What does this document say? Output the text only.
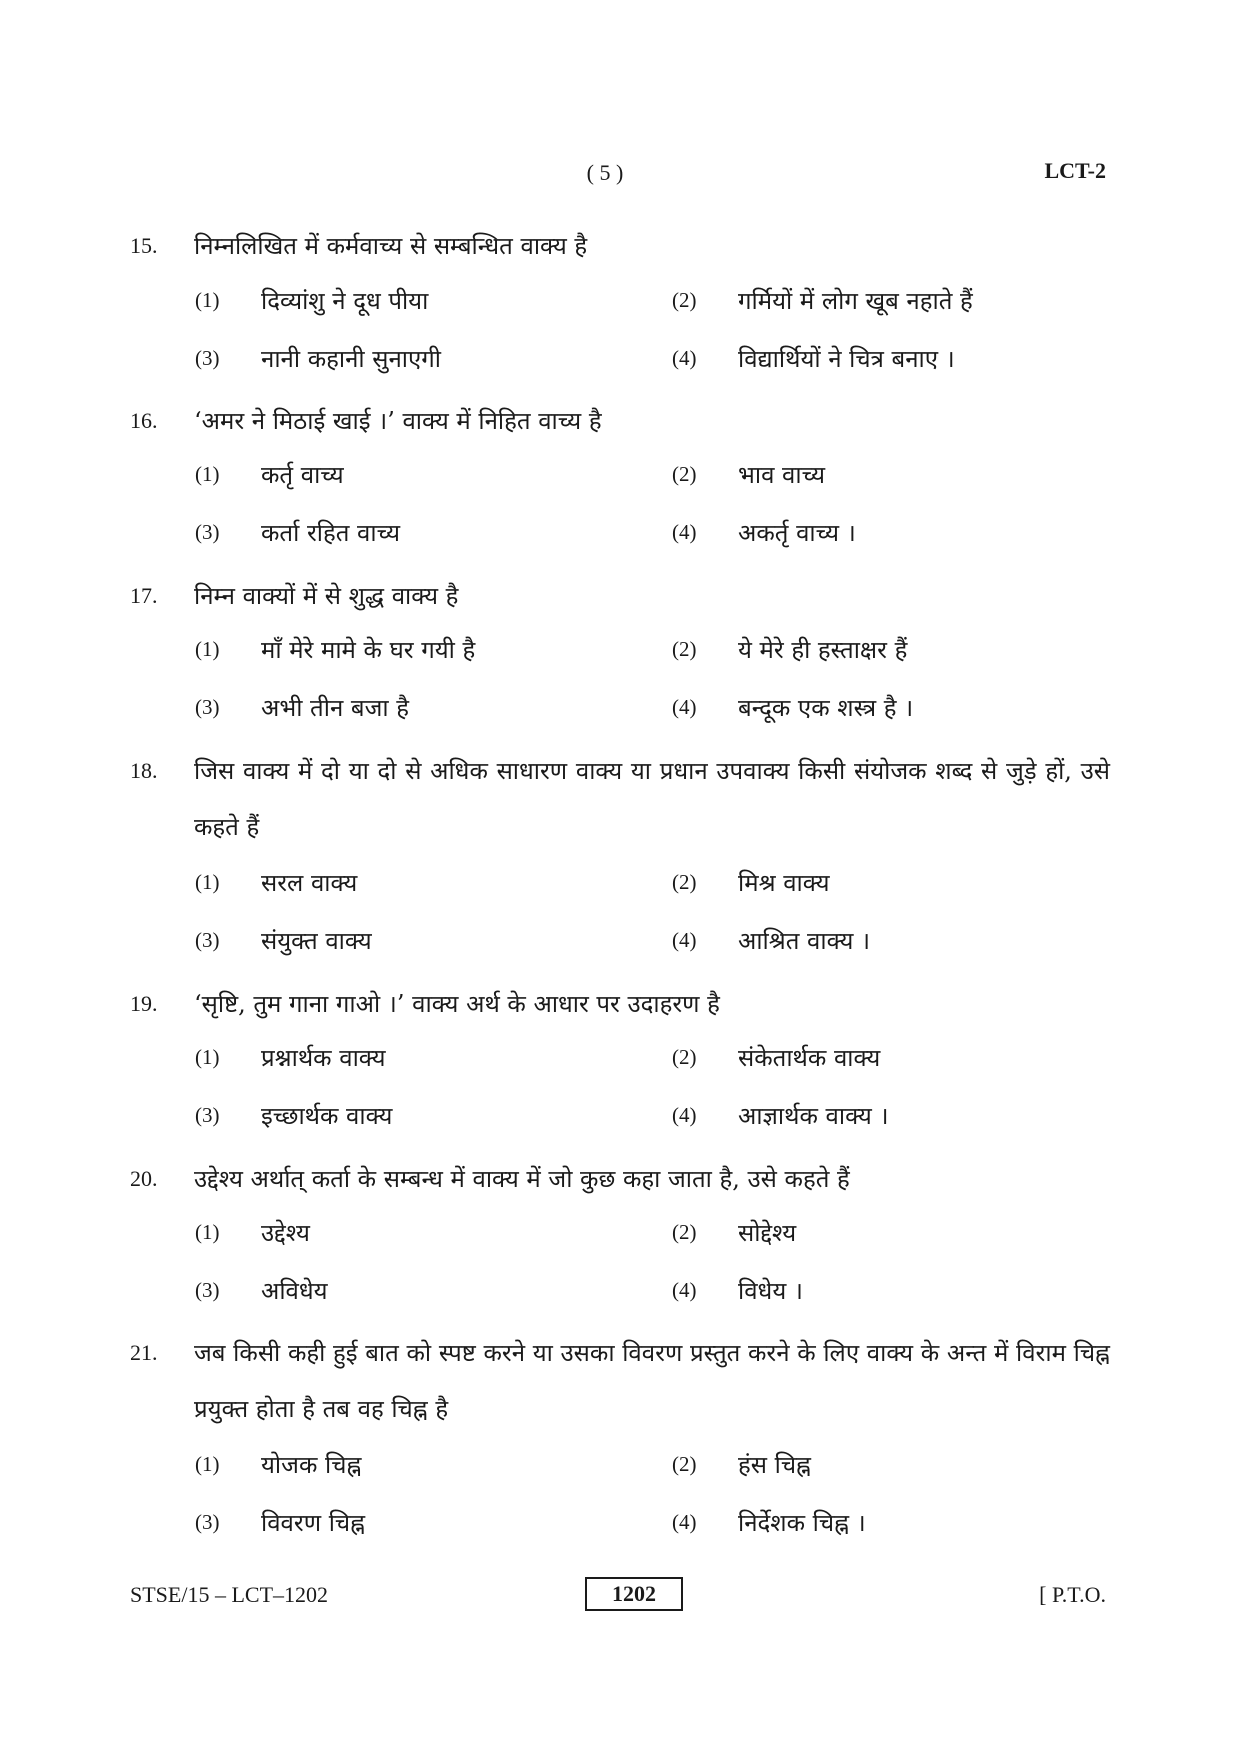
( 5 )	LCT-2
15. निम्नलिखित में कर्मवाच्य से सम्बन्धित वाक्य है
(1) दिव्यांशु ने दूध पीया	(2) गर्मियों में लोग खूब नहाते हैं
(3) नानी कहानी सुनाएगी	(4) विद्यार्थियों ने चित्र बनाए ।
16. ‘अमर ने मिठाई खाई ।’ वाक्य में निहित वाच्य है
(1) कर्तृ वाच्य	(2) भाव वाच्य
(3) कर्ता रहित वाच्य	(4) अकर्तृ वाच्य ।
17. निम्न वाक्यों में से शुद्ध वाक्य है
(1) माँ मेरे मामे के घर गयी है	(2) ये मेरे ही हस्ताक्षर हैं
(3) अभी तीन बजा है	(4) बन्दूक एक शस्त्र है ।
18. जिस वाक्य में दो या दो से अधिक साधारण वाक्य या प्रधान उपवाक्य किसी संयोजक शब्द से जुड़े हों, उसे कहते हैं
(1) सरल वाक्य	(2) मिश्र वाक्य
(3) संयुक्त वाक्य	(4) आश्रित वाक्य ।
19. ‘सृष्टि, तुम गाना गाओ ।’ वाक्य अर्थ के आधार पर उदाहरण है
(1) प्रश्नार्थक वाक्य	(2) संकेतार्थक वाक्य
(3) इच्छार्थक वाक्य	(4) आज्ञार्थक वाक्य ।
20. उद्देश्य अर्थात् कर्ता के सम्बन्ध में वाक्य में जो कुछ कहा जाता है, उसे कहते हैं
(1) उद्देश्य	(2) सोद्देश्य
(3) अविधेय	(4) विधेय ।
21. जब किसी कही हुई बात को स्पष्ट करने या उसका विवरण प्रस्तुत करने के लिए वाक्य के अन्त में विराम चिह्न प्रयुक्त होता है तब वह चिह्न है
(1) योजक चिह्न	(2) हंस चिह्न
(3) विवरण चिह्न	(4) निर्देशक चिह्न ।
STSE/15 – LCT–1202	1202	[ P.T.O.
